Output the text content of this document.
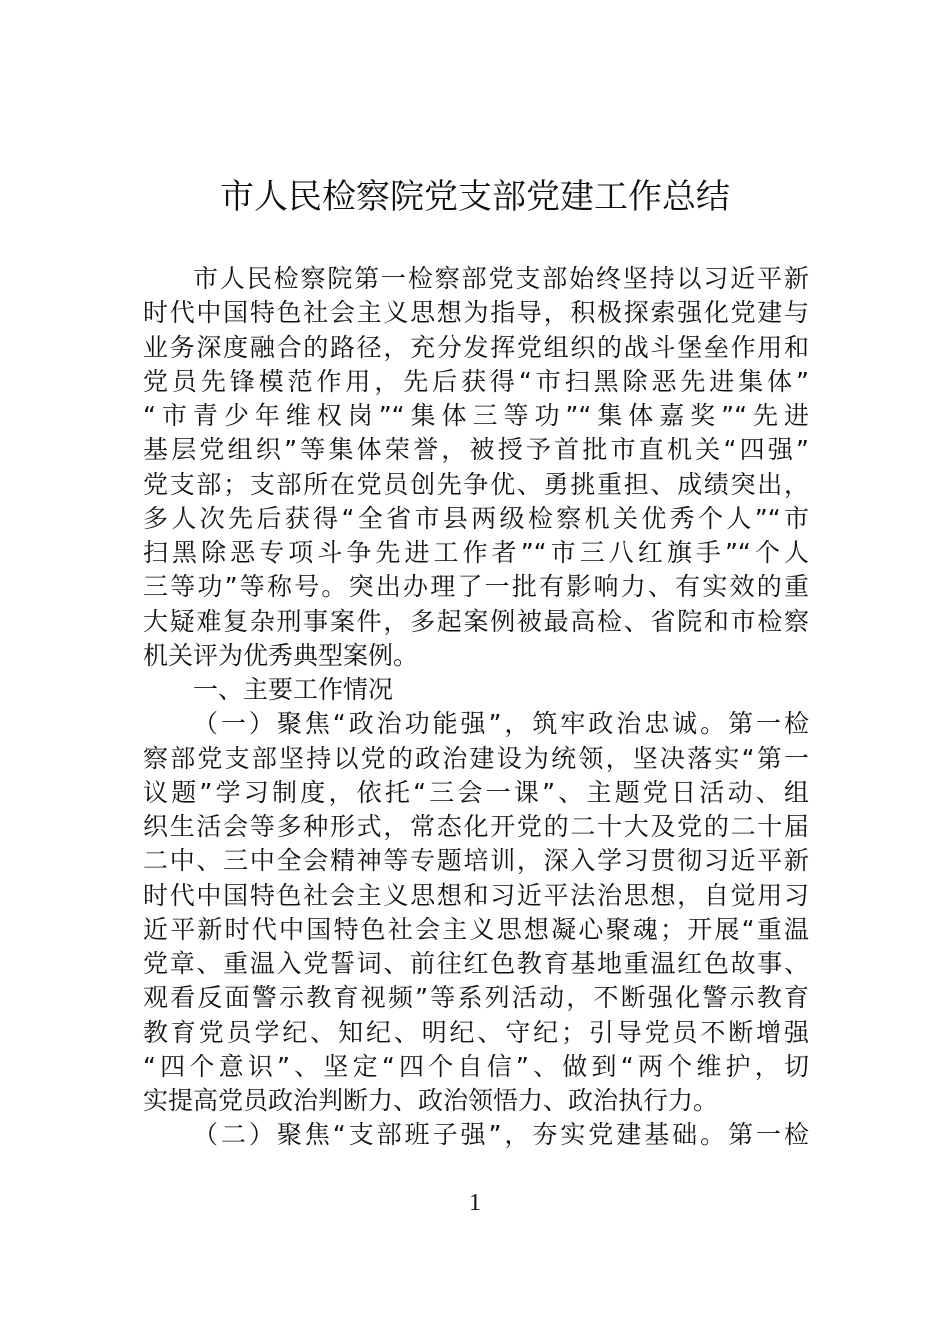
市人民检察院党支部党建工作总结
市人民检察院第一检察部党支部始终坚持以习近平新
时代中国特色社会主义思想为指导，积极探索强化党建与
业务深度融合的路径，充分发挥党组织的战斗堡垒作用和
党员先锋模范作用，先后获得“市扫黑除恶先进集体”
“市青少年维权岗”“集体三等功”“集体嘉奖”“先进
基层党组织”等集体荣誉，被授予首批市直机关“四强”
党支部；支部所在党员创先争优、勇挑重担、成绩突出，
多人次先后获得“全省市县两级检察机关优秀个人”“市
扫黑除恶专项斗争先进工作者”“市三八红旗手”“个人
三等功”等称号。突出办理了一批有影响力、有实效的重
大疑难复杂刑事案件，多起案例被最高检、省院和市检察
机关评为优秀典型案例。
一、主要工作情况
（一）聚焦“政治功能强”，筑牢政治忠诚。第一检
察部党支部坚持以党的政治建设为统领，坚决落实“第一
议题”学习制度，依托“三会一课”、主题党日活动、组
织生活会等多种形式，常态化开党的二十大及党的二十届
二中、三中全会精神等专题培训，深入学习贯彻习近平新
时代中国特色社会主义思想和习近平法治思想，自觉用习
近平新时代中国特色社会主义思想凝心聚魂；开展“重温
党章、重温入党誓词、前往红色教育基地重温红色故事、
观看反面警示教育视频”等系列活动，不断强化警示教育
教育党员学纪、知纪、明纪、守纪；引导党员不断增强
“四个意识”、坚定“四个自信”、做到“两个维护，切
实提高党员政治判断力、政治领悟力、政治执行力。
（二）聚焦“支部班子强”，夯实党建基础。第一检
1
